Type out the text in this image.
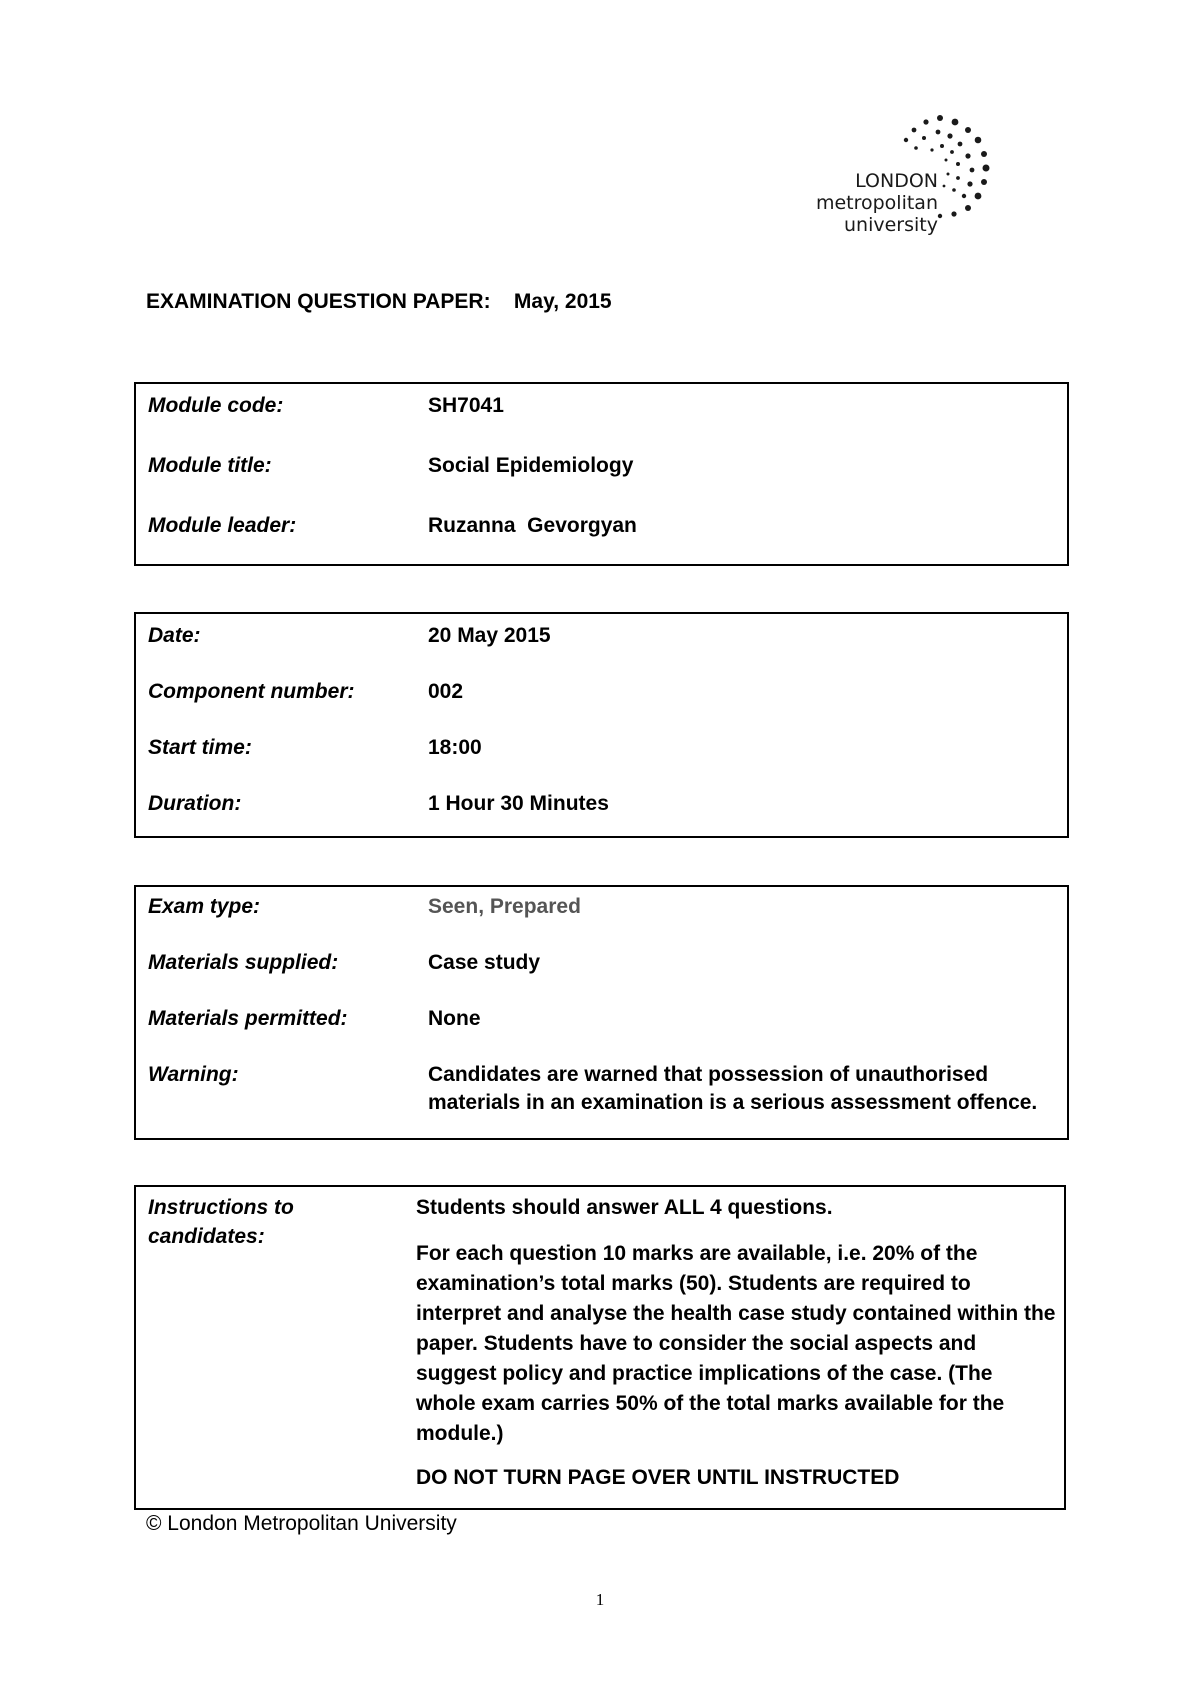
LONDON
metropolitan
university
EXAMINATION QUESTION PAPER: May, 2015
Module code:	SH7041
Module title:	Social Epidemiology
Module leader:	Ruzanna  Gevorgyan
Date:	20 May 2015
Component number:	002
Start time:	18:00
Duration:	1 Hour 30 Minutes
Exam type:	Seen, Prepared
Materials supplied:	Case study
Materials permitted:	None
Warning:	Candidates are warned that possession of unauthorised materials in an examination is a serious assessment offence.
Instructions to candidates:
Students should answer ALL 4 questions.
For each question 10 marks are available, i.e. 20% of the examination’s total marks (50). Students are required to interpret and analyse the health case study contained within the paper. Students have to consider the social aspects and suggest policy and practice implications of the case. (The whole exam carries 50% of the total marks available for the module.)
DO NOT TURN PAGE OVER UNTIL INSTRUCTED
© London Metropolitan University
1
